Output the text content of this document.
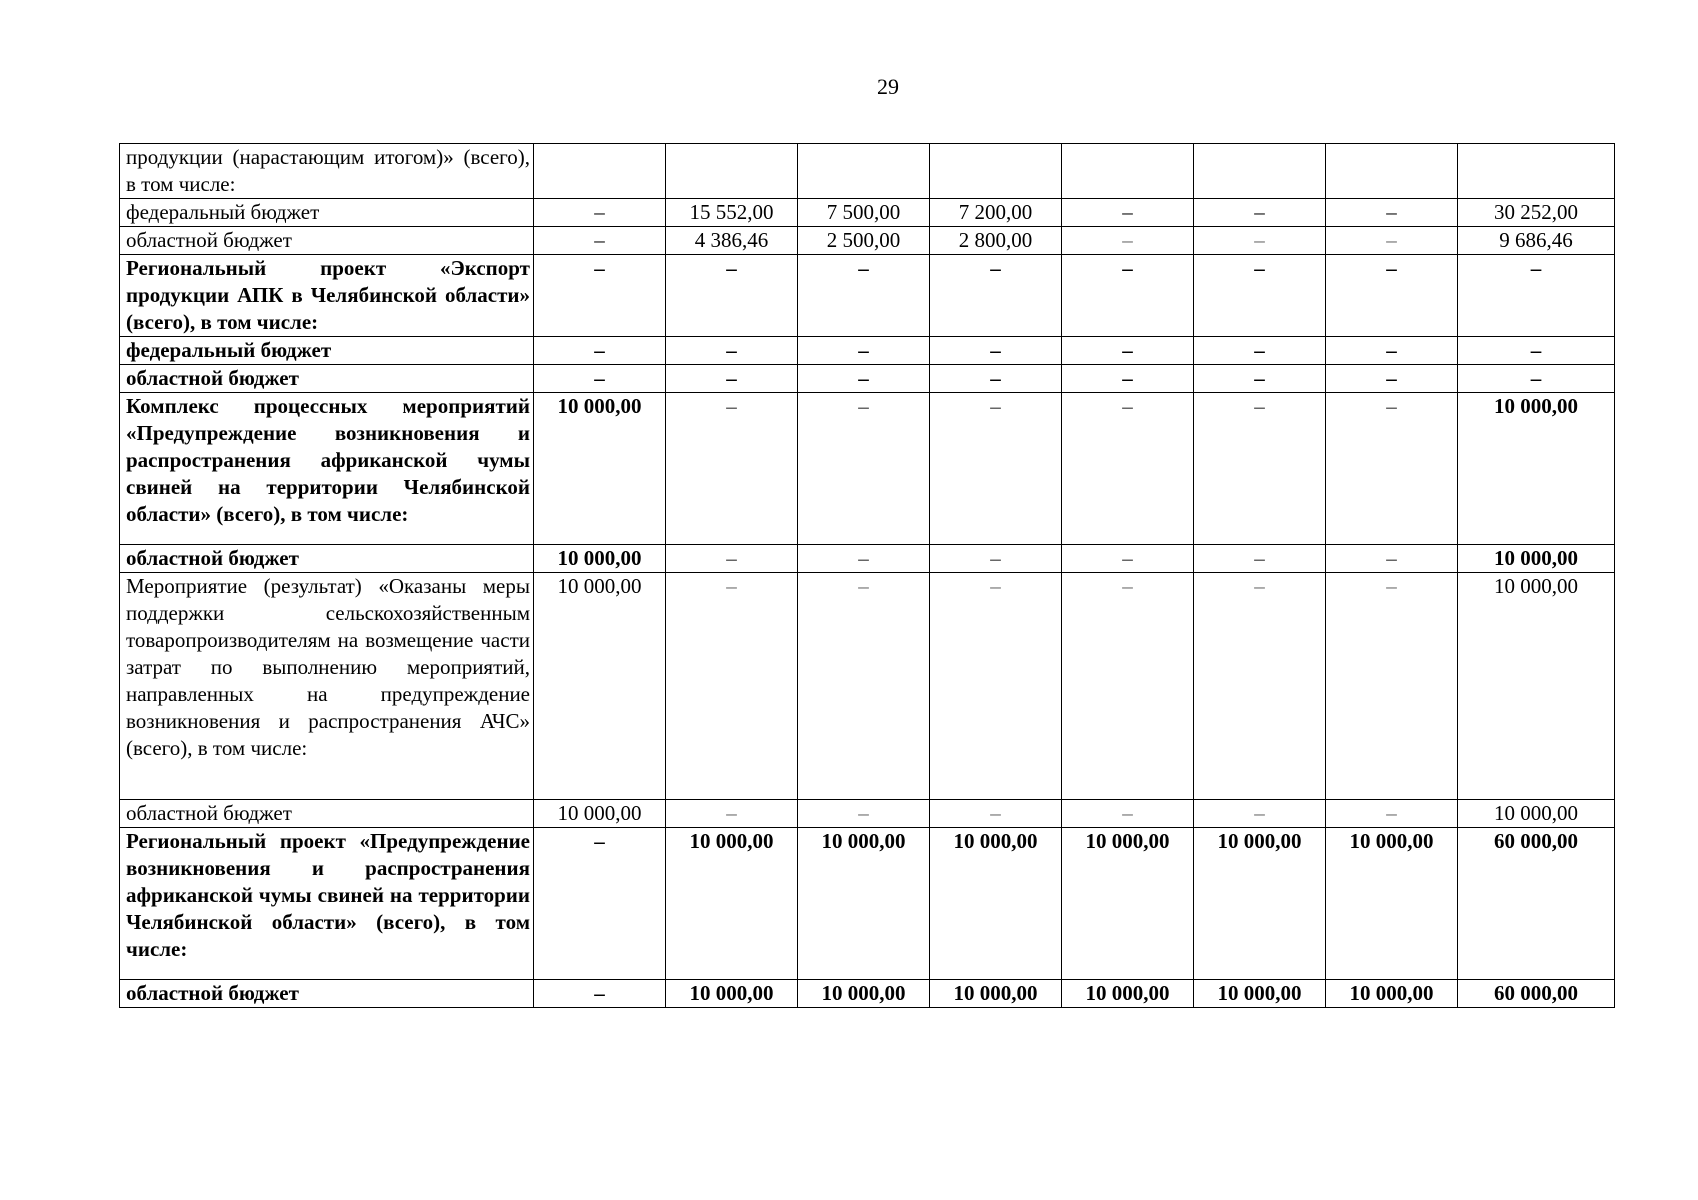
29
продукции (нарастающим итогом)» (всего), в том числе:								
федеральный бюджет	–	15 552,00	7 500,00	7 200,00	–	–	–	30 252,00
областной бюджет	–	4 386,46	2 500,00	2 800,00	–	–	–	9 686,46
Региональный проект «Экспорт продукции АПК в Челябинской области» (всего), в том числе:	–	–	–	–	–	–	–	–
федеральный бюджет	–	–	–	–	–	–	–	–
областной бюджет	–	–	–	–	–	–	–	–
Комплекс процессных мероприятий «Предупреждение возникновения и распространения африканской чумы свиней на территории Челябинской области» (всего), в том числе:	10 000,00	–	–	–	–	–	–	10 000,00
областной бюджет	10 000,00	–	–	–	–	–	–	10 000,00
Мероприятие (результат) «Оказаны меры поддержки сельскохозяйственным товаропроизводителям на возмещение части затрат по выполнению мероприятий, направленных на предупреждение возникновения и распространения АЧС» (всего), в том числе:	10 000,00	–	–	–	–	–	–	10 000,00
областной бюджет	10 000,00	–	–	–	–	–	–	10 000,00
Региональный проект «Предупреждение возникновения и распространения африканской чумы свиней на территории Челябинской области» (всего), в том числе:	–	10 000,00	10 000,00	10 000,00	10 000,00	10 000,00	10 000,00	60 000,00
областной бюджет	–	10 000,00	10 000,00	10 000,00	10 000,00	10 000,00	10 000,00	60 000,00
